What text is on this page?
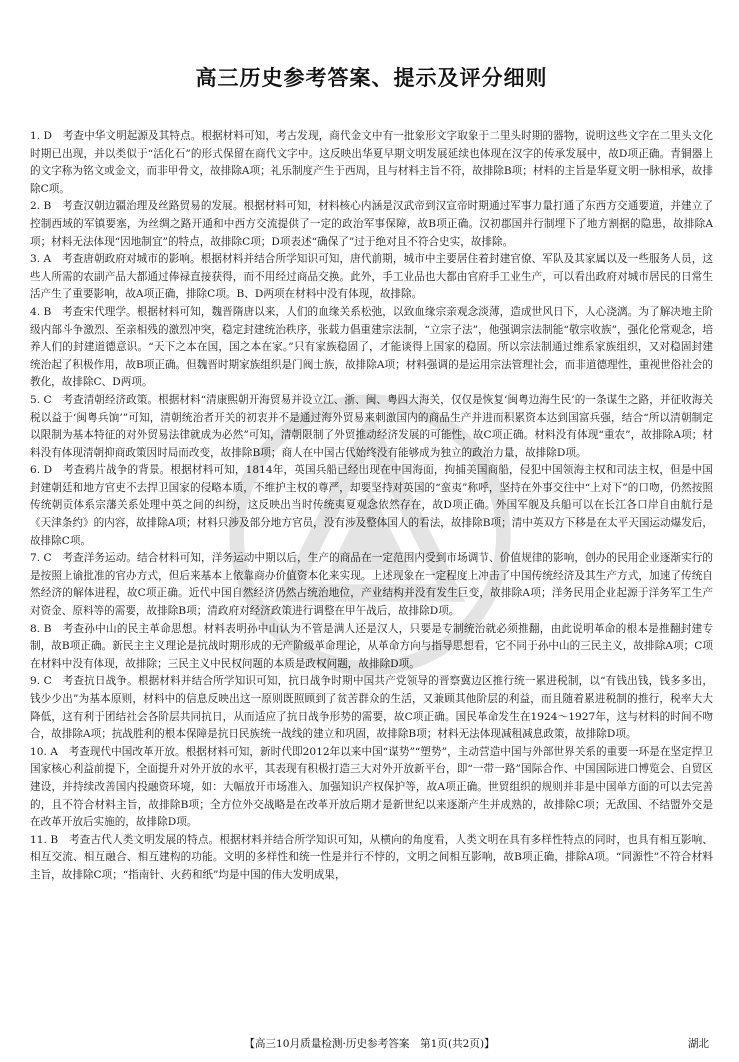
高三历史参考答案、提示及评分细则

1. D　考查中华文明起源及其特点。根据材料可知，考古发现，商代金文中有一批象形文字取象于二里头时期的器物，说明这些文字在二里头文化时期已出现，并以类似于“活化石”的形式保留在商代文字中。这反映出华夏早期文明发展延续也体现在汉字的传承发展中，故D项正确。青铜器上的文字称为铭文或金文，而非甲骨文，故排除A项；礼乐制度产生于西周，且与材料主旨不符，故排除B项；材料的主旨是华夏文明一脉相承，故排除C项。

2. B　考查汉朝边疆治理及丝路贸易的发展。根据材料可知，材料核心内涵是汉武帝到汉宣帝时期通过军事力量打通了东西方交通要道，并建立了控制西域的军镇要塞，为丝绸之路开通和中西方交流提供了一定的政治军事保障，故B项正确。汉初郡国并行制埋下了地方割据的隐患，故排除A项；材料无法体现“因地制宜”的特点，故排除C项；D项表述“确保了”过于绝对且不符合史实，故排除。

3. A　考查唐朝政府对城市的影响。根据材料并结合所学知识可知，唐代前期，城市中主要居住着封建官僚、军队及其家属以及一些服务人员，这些人所需的农副产品大都通过俸禄直接获得，而不用经过商品交换。此外，手工业品也大都由官府手工业生产，可以看出政府对城市居民的日常生活产生了重要影响，故A项正确，排除C项。B、D两项在材料中没有体现，故排除。

4. B　考查宋代理学。根据材料可知，魏晋隋唐以来，人们的血缘关系松弛，以致血缘宗亲观念淡薄，造成世风日下，人心浇漓。为了解决地主阶级内部斗争激烈、至亲相残的激烈冲突，稳定封建统治秩序，张载力倡重建宗法制，“立宗子法”，他强调宗法制能“敬宗收族”，强化伦常观念，培养人们的封建道德意识。“天下之本在国，国之本在家。”只有家族稳固了，才能谈得上国家的稳固。所以宗法制通过维系家族组织，又对稳固封建统治起了积极作用，故B项正确。但魏晋时期家族组织是门阀士族，故排除A项；材料强调的是运用宗法管理社会，而非道德理性，重视世俗社会的教化，故排除C、D两项。

5. C　考查清朝经济政策。根据材料“清康熙朝开海贸易并设立江、浙、闽、粤四大海关，仅仅是恢复‘闽粤边海生民’的一条谋生之路，并征收海关税以益于‘闽粤兵饷’”可知，清朝统治者开关的初衷并不是通过海外贸易来刺激国内的商品生产并进而积累资本达到国富兵强，结合“所以清朝制定以限制为基本特征的对外贸易法律就成为必然”可知，清朝限制了外贸推动经济发展的可能性，故C项正确。材料没有体现“重农”，故排除A项；材料没有体现清朝抑商政策因时局而改变，故排除B项；商人在中国古代始终没有能够成为独立的政治力量，故排除D项。

6. D　考查鸦片战争的背景。根据材料可知，1814年，英国兵船已经出现在中国海面，拘捕美国商船，侵犯中国领海主权和司法主权，但是中国封建朝廷和地方官吏不去捍卫国家的侵略本质，不维护主权的尊严，却要坚持对英国的“蛮夷”称呼，坚持在外事交往中“上对下”的口吻，仍然按照传统朝贡体系宗藩关系处理中英之间的纠纷，这反映出当时传统夷夏观念依然存在，故D项正确。外国军舰及兵船可以在长江各口岸自由航行是《天津条约》的内容，故排除A项；材料只涉及部分地方官员，没有涉及整体国人的看法，故排除B项；清中英双方下移是在太平天国运动爆发后，故排除C项。

7. C　考查洋务运动。结合材料可知，洋务运动中期以后，生产的商品在一定范围内受到市场调节、价值规律的影响，创办的民用企业逐渐实行的是按照上谕批准的官办方式，但后来基本上依靠商办价值资本化来实现。上述现象在一定程度上冲击了中国传统经济及其生产方式，加速了传统自然经济的解体进程，故C项正确。近代中国自然经济仍然占统治地位，产业结构并没有发生巨变，故排除A项；洋务民用企业起源于洋务军工生产对资金、原料等的需要，故排除B项；清政府对经济政策进行调整在甲午战后，故排除D项。

8. B　考查孙中山的民主革命思想。材料表明孙中山认为不管是满人还是汉人，只要是专制统治就必须推翻，由此说明革命的根本是推翻封建专制，故B项正确。新民主主义理论是抗战时期形成的无产阶级革命理论，从革命方向与指导思想看，它不同于孙中山的三民主义，故排除A项；C项在材料中没有体现，故排除；三民主义中民权问题的本质是政权问题，故排除D项。

9. C　考查抗日战争。根据材料并结合所学知识可知，抗日战争时期中国共产党领导的晋察冀边区推行统一累进税制，以“有钱出钱，钱多多出，钱少少出”为基本原则，材料中的信息反映出这一原则既照顾到了贫苦群众的生活，又兼顾其他阶层的利益，而且随着累进税制的推行，税率大大降低，这有利于团结社会各阶层共同抗日，从而适应了抗日战争形势的需要，故C项正确。国民革命发生在1924～1927年，这与材料的时间不吻合，故排除A项；抗战胜利的根本保障是抗日民族统一战线的建立和巩固，故排除B项；材料无法体现减租减息政策，故排除D项。

10. A　考查现代中国改革开放。根据材料可知，新时代即2012年以来中国“谋势”“塑势”，主动营造中国与外部世界关系的重要一环是在坚定捍卫国家核心利益前提下，全面提升对外开放的水平，其表现有积极打造三大对外开放新平台，即“一带一路”国际合作、中国国际进口博览会、自贸区建设，并持续改善国内投融资环境，如：大幅放开市场准入、加强知识产权保护等，故A项正确。世贸组织的规则并非是中国单方面的可以去完善的，且不符合材料主旨，故排除B项；全方位外交战略是在改革开放后期才是新世纪以来逐渐产生并成熟的，故排除C项；无敌国、不结盟外交是在改革开放后实施的，故排除D项。

11. B　考查古代人类文明发展的特点。根据材料并结合所学知识可知，从横向的角度看，人类文明在具有多样性特点的同时，也具有相互影响、相互交流、相互融合、相互建构的功能。文明的多样性和统一性是并行不悖的，文明之间相互影响，故B项正确，排除A项。“同源性”不符合材料主旨，故排除C项；“指南针、火药和纸”均是中国的伟大发明成果，

【高三10月质量检测·历史参考答案　第1页(共2页)】	湖北
